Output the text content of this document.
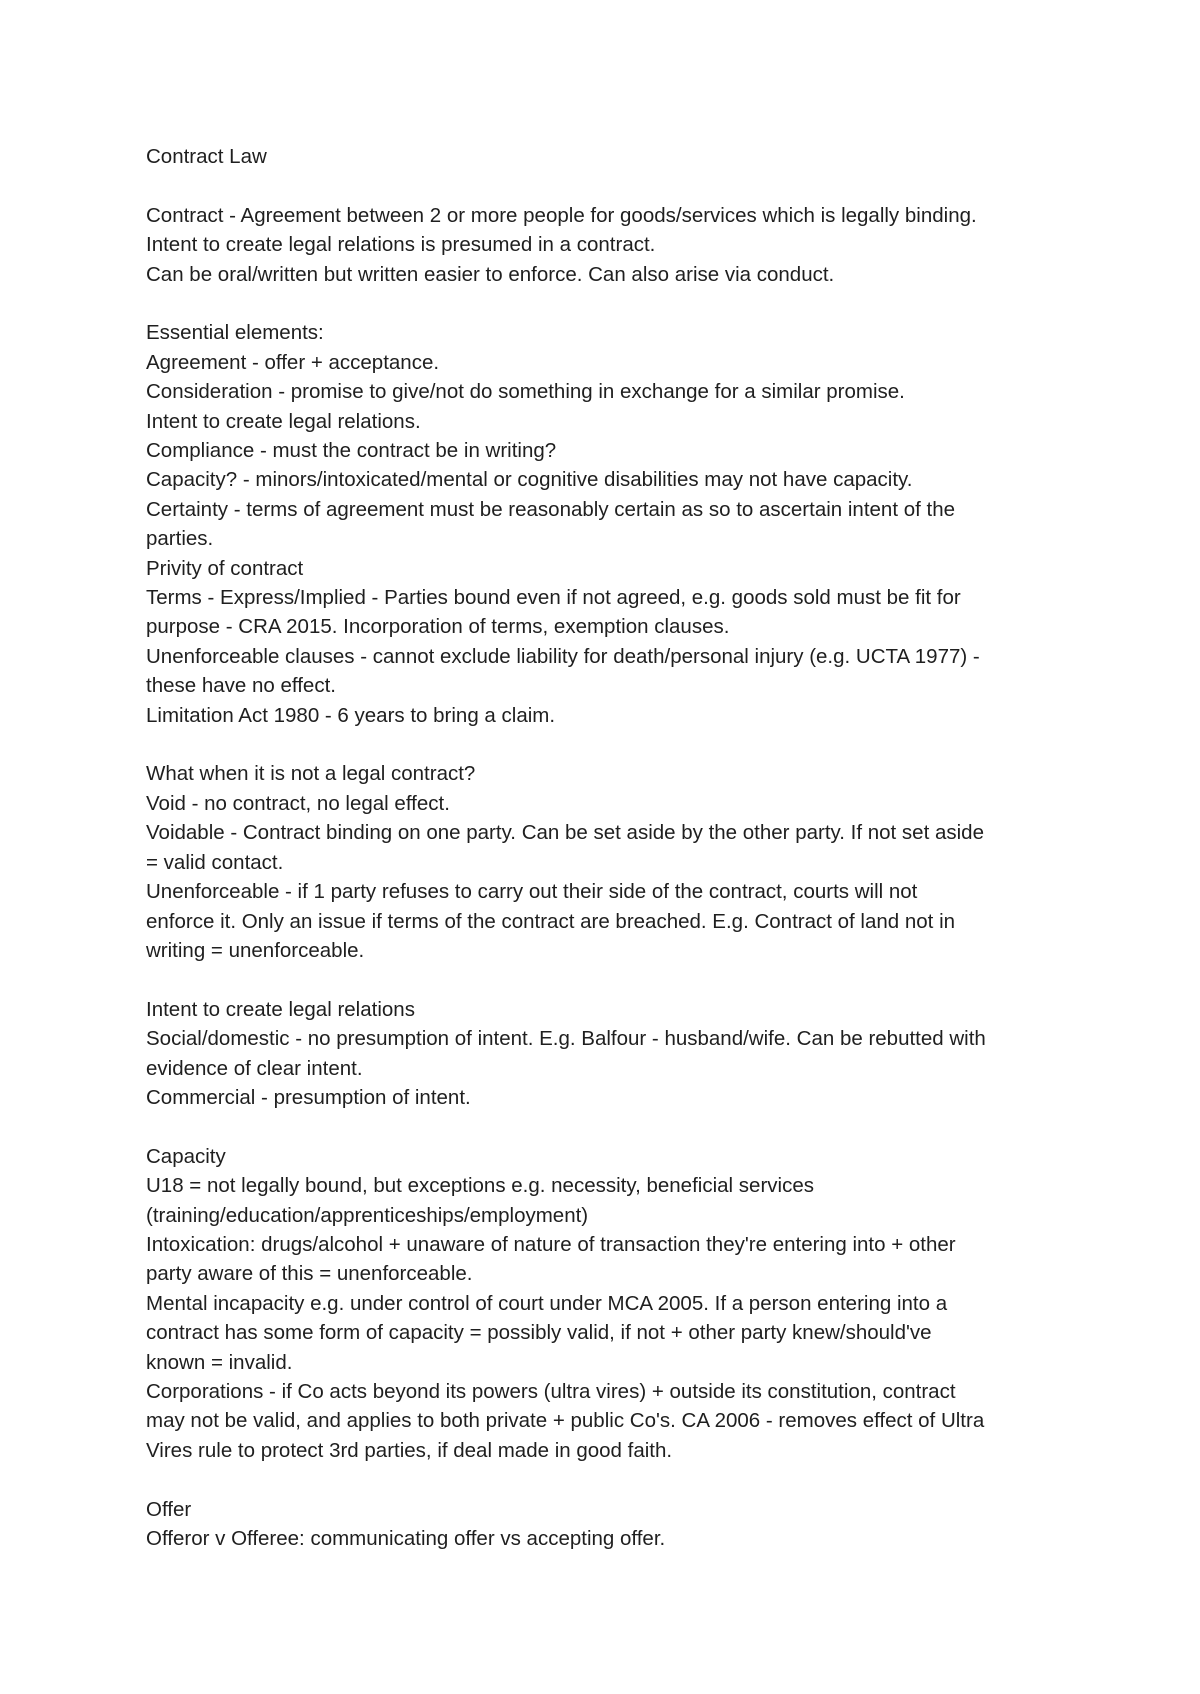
Contract Law
Contract - Agreement between 2 or more people for goods/services which is legally binding.
Intent to create legal relations is presumed in a contract.
Can be oral/written but written easier to enforce. Can also arise via conduct.
Essential elements:
Agreement - offer + acceptance.
Consideration - promise to give/not do something in exchange for a similar promise.
Intent to create legal relations.
Compliance - must the contract be in writing?
Capacity? - minors/intoxicated/mental or cognitive disabilities may not have capacity.
Certainty - terms of agreement must be reasonably certain as so to ascertain intent of the
parties.
Privity of contract
Terms - Express/Implied - Parties bound even if not agreed, e.g. goods sold must be fit for
purpose - CRA 2015. Incorporation of terms, exemption clauses.
Unenforceable clauses - cannot exclude liability for death/personal injury (e.g. UCTA 1977) -
these have no effect.
Limitation Act 1980 - 6 years to bring a claim.
What when it is not a legal contract?
Void - no contract, no legal effect.
Voidable - Contract binding on one party. Can be set aside by the other party. If not set aside
= valid contact.
Unenforceable - if 1 party refuses to carry out their side of the contract, courts will not
enforce it. Only an issue if terms of the contract are breached. E.g. Contract of land not in
writing = unenforceable.
Intent to create legal relations
Social/domestic - no presumption of intent. E.g. Balfour - husband/wife. Can be rebutted with
evidence of clear intent.
Commercial - presumption of intent.
Capacity
U18 = not legally bound, but exceptions e.g. necessity, beneficial services
(training/education/apprenticeships/employment)
Intoxication: drugs/alcohol + unaware of nature of transaction they're entering into + other
party aware of this = unenforceable.
Mental incapacity e.g. under control of court under MCA 2005. If a person entering into a
contract has some form of capacity = possibly valid, if not + other party knew/should've
known = invalid.
Corporations - if Co acts beyond its powers (ultra vires) + outside its constitution, contract
may not be valid, and applies to both private + public Co's. CA 2006 - removes effect of Ultra
Vires rule to protect 3rd parties, if deal made in good faith.
Offer
Offeror v Offeree: communicating offer vs accepting offer.
